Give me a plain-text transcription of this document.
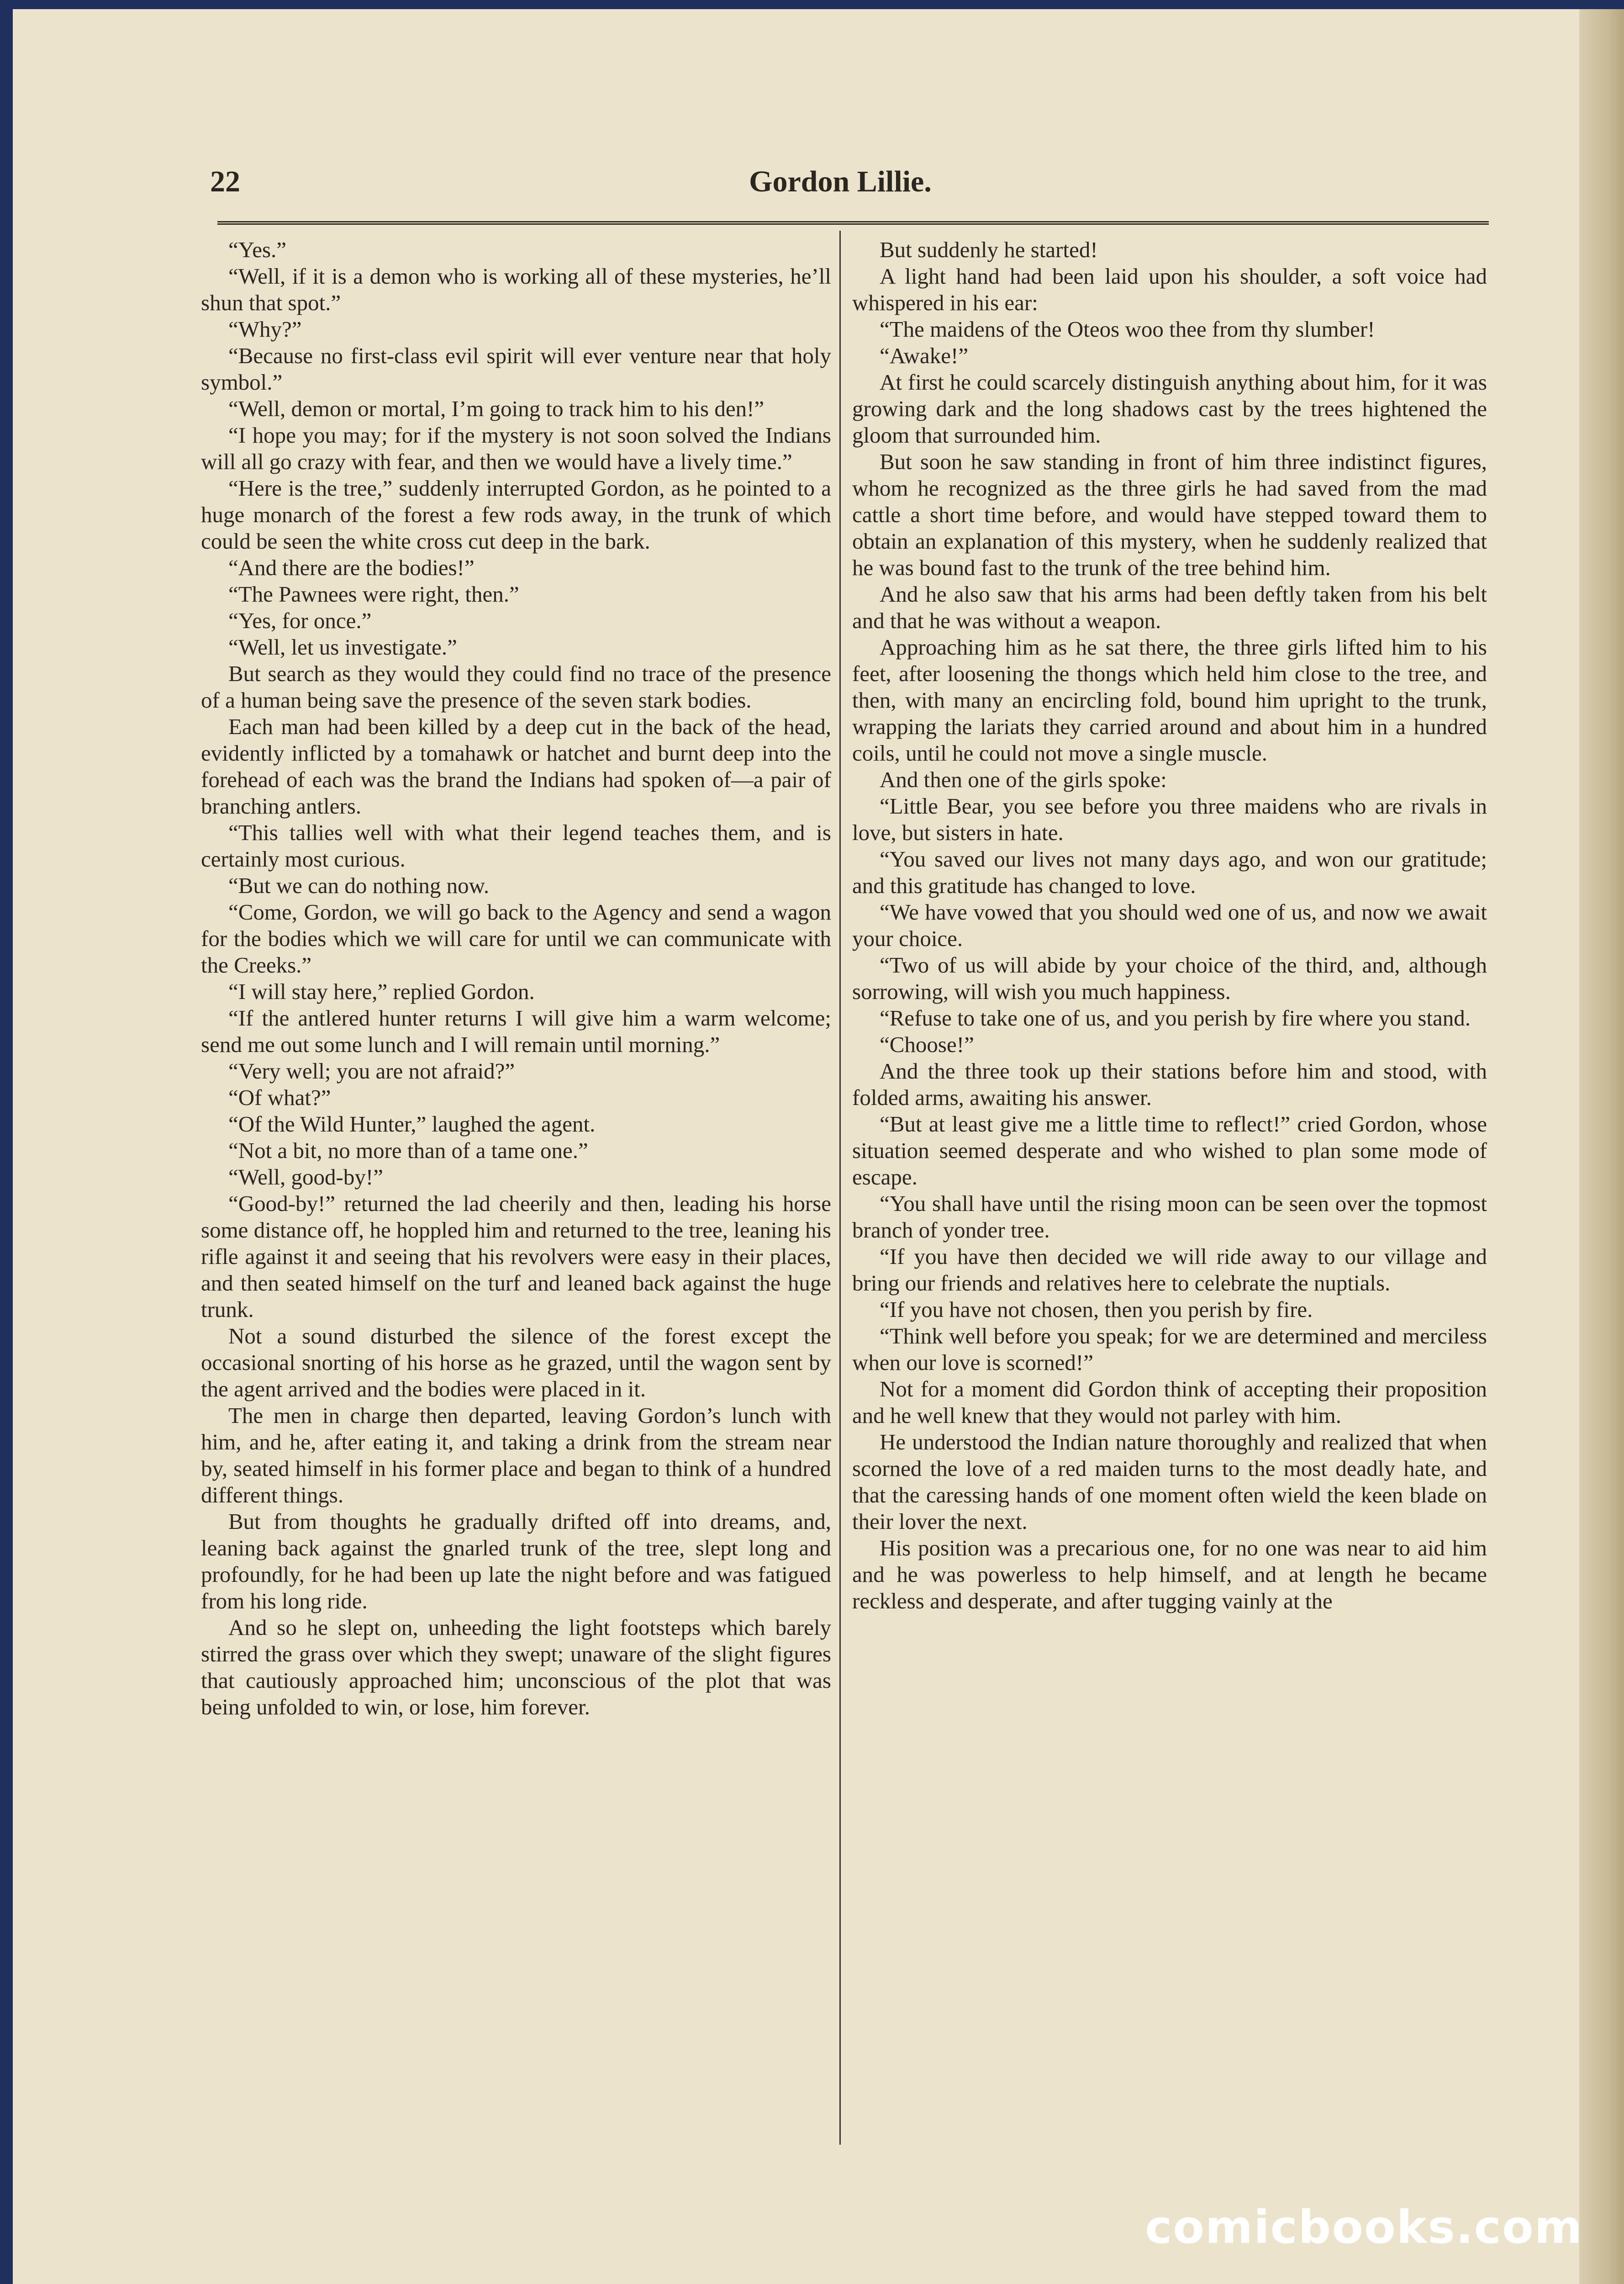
22	Gordon Lillie.

“Yes.”

“Well, if it is a demon who is working all of these mysteries, he’ll shun that spot.”

“Why?”

“Because no first-class evil spirit will ever venture near that holy symbol.”

“Well, demon or mortal, I’m going to track him to his den!”

“I hope you may; for if the mystery is not soon solved the Indians will all go crazy with fear, and then we would have a lively time.”

“Here is the tree,” suddenly interrupted Gordon, as he pointed to a huge monarch of the forest a few rods away, in the trunk of which could be seen the white cross cut deep in the bark.

“And there are the bodies!”

“The Pawnees were right, then.”

“Yes, for once.”

“Well, let us investigate.”

But search as they would they could find no trace of the presence of a human being save the presence of the seven stark bodies.

Each man had been killed by a deep cut in the back of the head, evidently inflicted by a tomahawk or hatchet and burnt deep into the forehead of each was the brand the Indians had spoken of—a pair of branching antlers.

“This tallies well with what their legend teaches them, and is certainly most curious.

“But we can do nothing now.

“Come, Gordon, we will go back to the Agency and send a wagon for the bodies which we will care for until we can communicate with the Creeks.”

“I will stay here,” replied Gordon.

“If the antlered hunter returns I will give him a warm welcome; send me out some lunch and I will remain until morning.”

“Very well; you are not afraid?”

“Of what?”

“Of the Wild Hunter,” laughed the agent.

“Not a bit, no more than of a tame one.”

“Well, good-by!”

“Good-by!” returned the lad cheerily and then, leading his horse some distance off, he hoppled him and returned to the tree, leaning his rifle against it and seeing that his revolvers were easy in their places, and then seated himself on the turf and leaned back against the huge trunk.

Not a sound disturbed the silence of the forest except the occasional snorting of his horse as he grazed, until the wagon sent by the agent arrived and the bodies were placed in it.

The men in charge then departed, leaving Gordon’s lunch with him, and he, after eating it, and taking a drink from the stream near by, seated himself in his former place and began to think of a hundred different things.

But from thoughts he gradually drifted off into dreams, and, leaning back against the gnarled trunk of the tree, slept long and profoundly, for he had been up late the night before and was fatigued from his long ride.

And so he slept on, unheeding the light footsteps which barely stirred the grass over which they swept; unaware of the slight figures that cautiously approached him; unconscious of the plot that was being unfolded to win, or lose, him forever.

But suddenly he started!

A light hand had been laid upon his shoulder, a soft voice had whispered in his ear:

“The maidens of the Oteos woo thee from thy slumber!

“Awake!”

At first he could scarcely distinguish anything about him, for it was growing dark and the long shadows cast by the trees hightened the gloom that surrounded him.

But soon he saw standing in front of him three indistinct figures, whom he recognized as the three girls he had saved from the mad cattle a short time before, and would have stepped toward them to obtain an explanation of this mystery, when he suddenly realized that he was bound fast to the trunk of the tree behind him.

And he also saw that his arms had been deftly taken from his belt and that he was without a weapon.

Approaching him as he sat there, the three girls lifted him to his feet, after loosening the thongs which held him close to the tree, and then, with many an encircling fold, bound him upright to the trunk, wrapping the lariats they carried around and about him in a hundred coils, until he could not move a single muscle.

And then one of the girls spoke:

“Little Bear, you see before you three maidens who are rivals in love, but sisters in hate.

“You saved our lives not many days ago, and won our gratitude; and this gratitude has changed to love.

“We have vowed that you should wed one of us, and now we await your choice.

“Two of us will abide by your choice of the third, and, although sorrowing, will wish you much happiness.

“Refuse to take one of us, and you perish by fire where you stand.

“Choose!”

And the three took up their stations before him and stood, with folded arms, awaiting his answer.

“But at least give me a little time to reflect!” cried Gordon, whose situation seemed desperate and who wished to plan some mode of escape.

“You shall have until the rising moon can be seen over the topmost branch of yonder tree.

“If you have then decided we will ride away to our village and bring our friends and relatives here to celebrate the nuptials.

“If you have not chosen, then you perish by fire.

“Think well before you speak; for we are determined and merciless when our love is scorned!”

Not for a moment did Gordon think of accepting their proposition and he well knew that they would not parley with him.

He understood the Indian nature thoroughly and realized that when scorned the love of a red maiden turns to the most deadly hate, and that the caressing hands of one moment often wield the keen blade on their lover the next.

His position was a precarious one, for no one was near to aid him and he was powerless to help himself, and at length he became reckless and desperate, and after tugging vainly at the

comicbooks.com
